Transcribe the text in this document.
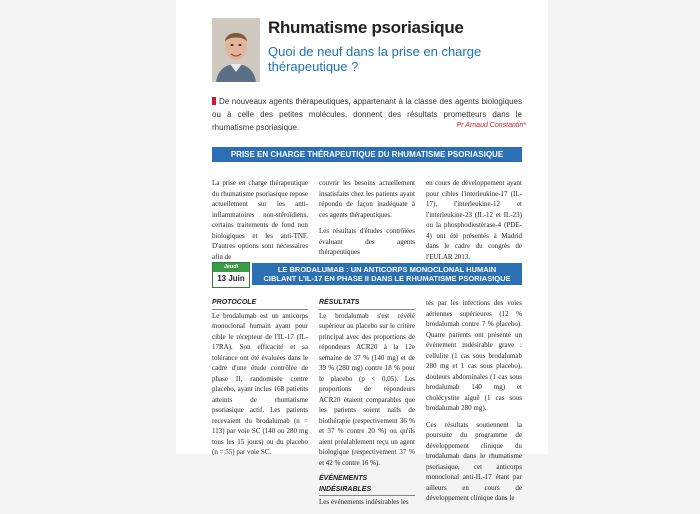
Rhumatisme psoriasique
Quoi de neuf dans la prise en charge thérapeutique ?
De nouveaux agents thérapeutiques, appartenant à la classe des agents biologiques ou à celle des petites molécules, donnent des résultats prometteurs dans le rhumatisme psoriasique.	Pr Arnaud Constantin*
PRISE EN CHARGE THÉRAPEUTIQUE DU RHUMATISME PSORIASIQUE

La prise en charge thérapeutique du rhumatisme psoriasique repose actuellement sur les anti-inflammatoires non-stéroïdiens, certains traitements de fond non biologiques et les anti-TNF. D'autres options sont nécessaires afin de

couvrir les besoins actuellement insatisfaits chez les patients ayant répondu de façon inadéquate à ces agents thérapeutiques.

Les résultats d'études contrôlées évaluant des agents thérapeutiques

en cours de développement ayant pour cibles l'interleukine-17 (IL-17), l'interleukine-12 et l'interleukine-23 (IL-12 et IL-23) ou la phosphodiestérase-4 (PDE-4) ont été présentés à Madrid dans le cadre du congrès de l'EULAR 2013.

Jeudi
13 Juin
LE BRODALUMAB : UN ANTICORPS MONOCLONAL HUMAIN
CIBLANT L'IL-17 EN PHASE II DANS LE RHUMATISME PSORIASIQUE
PROTOCOLE

Le brodalumab est un anticorps monoclonal humain ayant pour cible le récepteur de l'IL-17 (IL-17RA). Son efficacité et sa tolérance ont été évaluées dans le cadre d'une étude contrôlée de phase II, randomisée contre placebo, ayant inclus 168 patients atteints de rhumatisme psoriasique actif. Les patients recevaient du brodalumab (n = 113) par voie SC (140 ou 280 mg tous les 15 jours) ou du placebo (n = 55) par voie SC.

RÉSULTATS

Le brodalumab s'est révélé supérieur au placebo sur le critère principal avec des proportions de répondeurs ACR20 à la 12e semaine de 37 % (140 mg) et de 39 % (280 mg) contre 18 % pour le placebo (p < 0,05). Les proportions de répondeurs ACR20 étaient comparables que les patients soient naïfs de biothérapie (respectivement 36 % et 37 % contre 20 %) ou qu'ils aient préalablement reçu un agent biologique (respectivement 37 % et 42 % contre 16 %).

ÉVÉNEMENTS INDÉSIRABLES

Les événements indésirables les

tés par les infections des voies aériennes supérieures (12 % brodalumab contre 7 % placebo). Quatre patients ont présenté un événement indésirable grave : cellulite (1 cas sous brodalumab 280 mg et 1 cas sous placebo), douleurs abdominales (1 cas sous brodalumab 140 mg) et cholécystite aiguë (1 cas sous brodalumab 280 mg).

Ces résultats soutiennent la poursuite du programme de développement clinique du brodalumab dans le rhumatisme psoriasique, cet anticorps monoclonal anti-IL-17 étant par ailleurs en cours de développement clinique dans le
